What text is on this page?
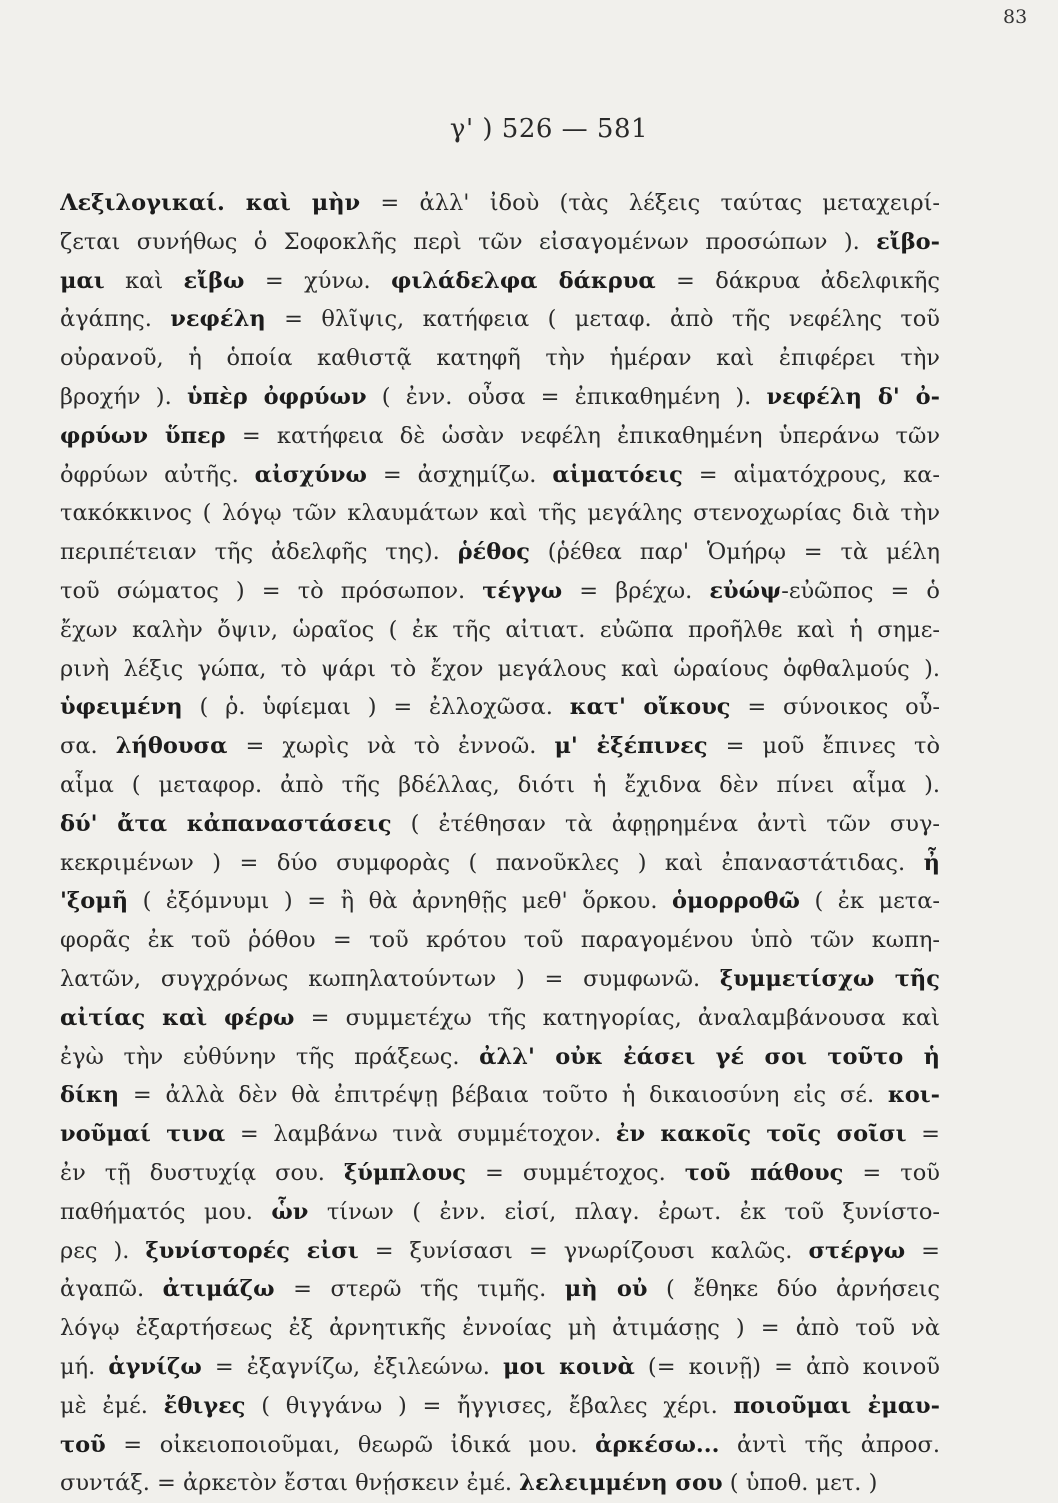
83
γ' ) 526 — 581
Λεξιλογικαί. καὶ μὴν = ἀλλ' ἰδοὺ (τὰς λέξεις ταύτας μεταχειρί-
ζεται συνήθως ὁ Σοφοκλῆς περὶ τῶν εἰσαγομένων προσώπων ). εἴβο-
μαι καὶ εἴβω = χύνω. φιλάδελφα δάκρυα = δάκρυα ἀδελφικῆς
ἀγάπης. νεφέλη = θλῖψις, κατήφεια ( μεταφ. ἀπὸ τῆς νεφέλης τοῦ
οὐρανοῦ, ἡ ὁποία καθιστᾷ κατηφῆ τὴν ἡμέραν καὶ ἐπιφέρει τὴν
βροχήν ). ὑπὲρ ὀφρύων ( ἐνν. οὖσα = ἐπικαθημένη ). νεφέλη δ' ὀ-
φρύων ὕπερ = κατήφεια δὲ ὡσὰν νεφέλη ἐπικαθημένη ὑπεράνω τῶν
ὀφρύων αὐτῆς. αἰσχύνω = ἀσχημίζω. αἱματόεις = αἱματόχρους, κα-
τακόκκινος ( λόγῳ τῶν κλαυμάτων καὶ τῆς μεγάλης στενοχωρίας διὰ τὴν
περιπέτειαν τῆς ἀδελφῆς της). ῥέθος (ῥέθεα παρ' Ὁμήρῳ = τὰ μέλη
τοῦ σώματος ) = τὸ πρόσωπον. τέγγω = βρέχω. εὐώψ-εὐῶπος = ὁ
ἔχων καλὴν ὄψιν, ὡραῖος ( ἐκ τῆς αἰτιατ. εὐῶπα προῆλθε καὶ ἡ σημε-
ρινὴ λέξις γώπα, τὸ ψάρι τὸ ἔχον μεγάλους καὶ ὡραίους ὀφθαλμούς ).
ὑφειμένη ( ῥ. ὑφίεμαι ) = ἐλλοχῶσα. κατ' οἴκους = σύνοικος οὖ-
σα. λήθουσα = χωρὶς νὰ τὸ ἐννοῶ. μ' ἐξέπινες = μοῦ ἔπινες τὸ
αἷμα ( μεταφορ. ἀπὸ τῆς βδέλλας, διότι ἡ ἔχιδνα δὲν πίνει αἷμα ).
δύ' ἄτα κἀπαναστάσεις ( ἐτέθησαν τὰ ἀφῃρημένα ἀντὶ τῶν συγ-
κεκριμένων ) = δύο συμφορὰς ( πανοῦκλες ) καὶ ἐπαναστάτιδας. ἦ
'ξομῆ ( ἐξόμνυμι ) = ἢ θὰ ἀρνηθῇς μεθ' ὅρκου. ὁμορροθῶ ( ἐκ μετα-
φορᾶς ἐκ τοῦ ῥόθου = τοῦ κρότου τοῦ παραγομένου ὑπὸ τῶν κωπη-
λατῶν, συγχρόνως κωπηλατούντων ) = συμφωνῶ. ξυμμετίσχω τῆς
αἰτίας καὶ φέρω = συμμετέχω τῆς κατηγορίας, ἀναλαμβάνουσα καὶ
ἐγὼ τὴν εὐθύνην τῆς πράξεως. ἀλλ' οὐκ ἐάσει γέ σοι τοῦτο ἡ
δίκη = ἀλλὰ δὲν θὰ ἐπιτρέψῃ βέβαια τοῦτο ἡ δικαιοσύνη εἰς σέ. κοι-
νοῦμαί τινα = λαμβάνω τινὰ συμμέτοχον. ἐν κακοῖς τοῖς σοῖσι =
ἐν τῇ δυστυχίᾳ σου. ξύμπλους = συμμέτοχος. τοῦ πάθους = τοῦ
παθήματός μου. ὧν τίνων ( ἐνν. εἰσί, πλαγ. ἐρωτ. ἐκ τοῦ ξυνίστο-
ρες ). ξυνίστορές εἰσι = ξυνίσασι = γνωρίζουσι καλῶς. στέργω =
ἀγαπῶ. ἀτιμάζω = στερῶ τῆς τιμῆς. μὴ οὐ ( ἔθηκε δύο ἀρνήσεις
λόγῳ ἐξαρτήσεως ἐξ ἀρνητικῆς ἐννοίας μὴ ἀτιμάσῃς ) = ἀπὸ τοῦ νὰ
μή. ἁγνίζω = ἐξαγνίζω, ἐξιλεώνω. μοι κοινὰ (= κοινῇ) = ἀπὸ κοινοῦ
μὲ ἐμέ. ἔθιγες ( θιγγάνω ) = ἤγγισες, ἔβαλες χέρι. ποιοῦμαι ἐμαυ-
τοῦ = οἰκειοποιοῦμαι, θεωρῶ ἰδικά μου. ἀρκέσω... ἀντὶ τῆς ἀπροσ.
συντάξ. = ἀρκετὸν ἔσται θνῄσκειν ἐμέ. λελειμμένη σου ( ὑποθ. μετ. )
